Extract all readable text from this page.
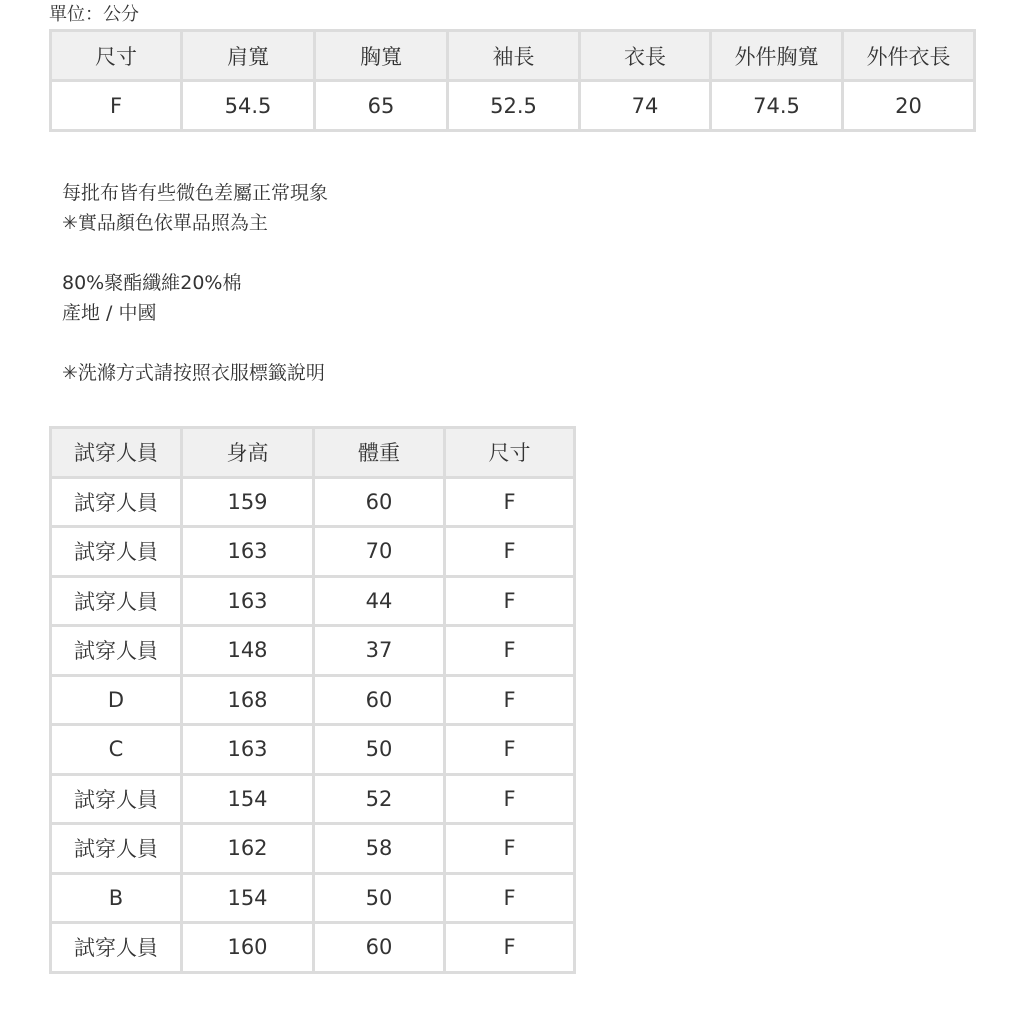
單位：公分
尺寸	肩寬	胸寬	袖長	衣長	外件胸寬	外件衣長
F	54.5	65	52.5	74	74.5	20
每批布皆有些微色差屬正常現象
✳︎實品顏色依單品照為主
80%聚酯纖維20%棉
產地 / 中國
✳︎洗滌方式請按照衣服標籤說明
試穿人員	身高	體重	尺寸
試穿人員	159	60	F
試穿人員	163	70	F
試穿人員	163	44	F
試穿人員	148	37	F
D	168	60	F
C	163	50	F
試穿人員	154	52	F
試穿人員	162	58	F
B	154	50	F
試穿人員	160	60	F
